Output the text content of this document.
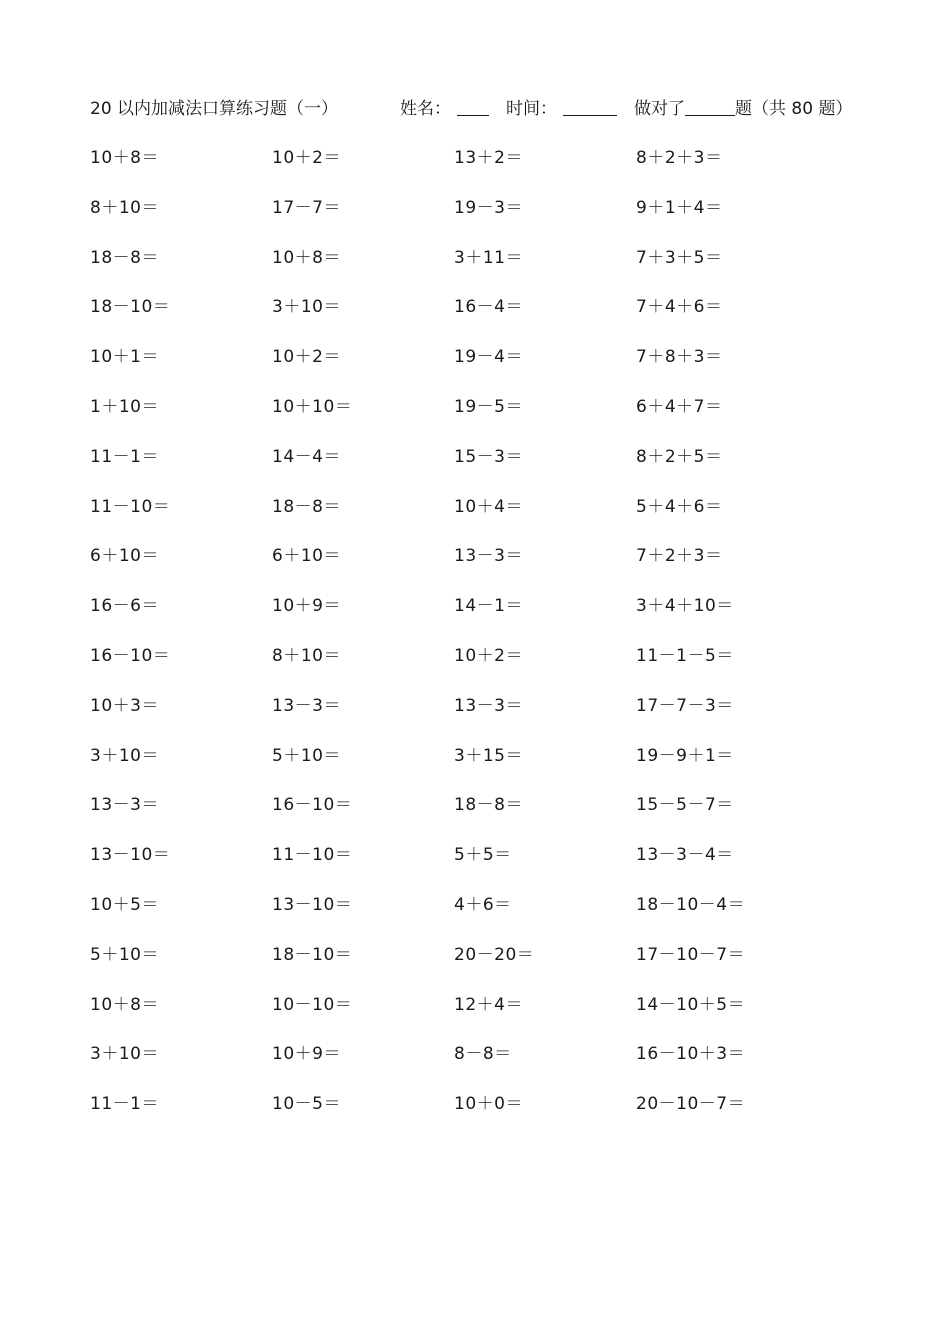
20 以内加减法口算练习题（一）	姓名：	时间：	做对了	题（共 80 题）
10＋8＝	10＋2＝	13＋2＝	8＋2＋3＝
8＋10＝	17－7＝	19－3＝	9＋1＋4＝
18－8＝	10＋8＝	3＋11＝	7＋3＋5＝
18－10＝	3＋10＝	16－4＝	7＋4＋6＝
10＋1＝	10＋2＝	19－4＝	7＋8＋3＝
1＋10＝	10＋10＝	19－5＝	6＋4＋7＝
11－1＝	14－4＝	15－3＝	8＋2＋5＝
11－10＝	18－8＝	10＋4＝	5＋4＋6＝
6＋10＝	6＋10＝	13－3＝	7＋2＋3＝
16－6＝	10＋9＝	14－1＝	3＋4＋10＝
16－10＝	8＋10＝	10＋2＝	11－1－5＝
10＋3＝	13－3＝	13－3＝	17－7－3＝
3＋10＝	5＋10＝	3＋15＝	19－9＋1＝
13－3＝	16－10＝	18－8＝	15－5－7＝
13－10＝	11－10＝	5＋5＝	13－3－4＝
10＋5＝	13－10＝	4＋6＝	18－10－4＝
5＋10＝	18－10＝	20－20＝	17－10－7＝
10＋8＝	10－10＝	12＋4＝	14－10＋5＝
3＋10＝	10＋9＝	8－8＝	16－10＋3＝
11－1＝	10－5＝	10＋0＝	20－10－7＝
